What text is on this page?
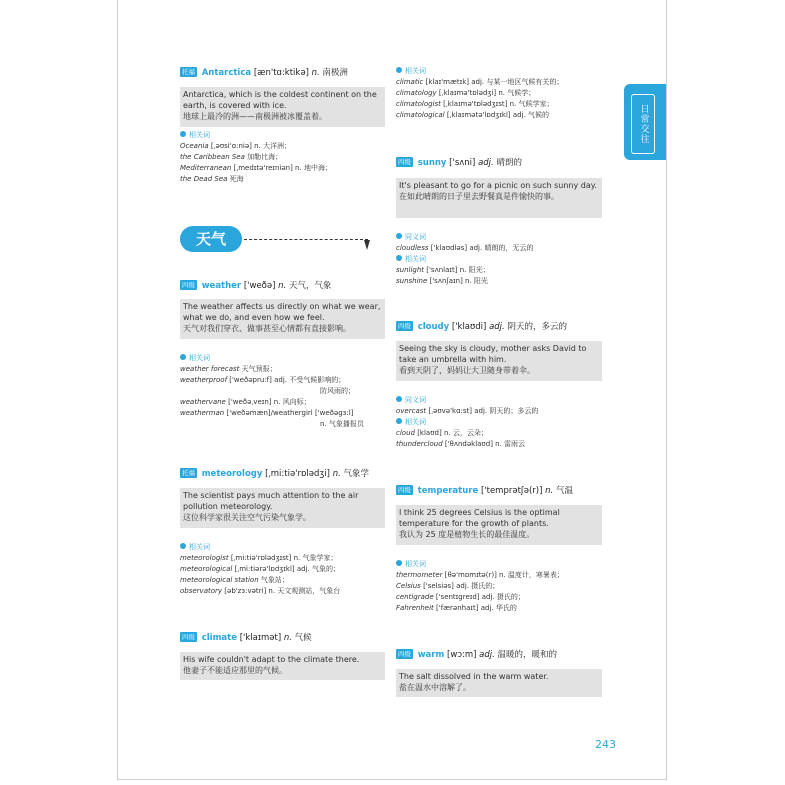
日常交往
托福 Antarctica [æn'tɑ:ktikə] n. 南极洲
Antarctica, which is the coldest continent on the earth, is covered with ice.
地球上最冷的洲——南极洲被冰覆盖着。
相关词
Oceania [ˌəʊsi'ɑ:niə] n. 大洋洲；
the Caribbean Sea 加勒比海；
Mediterranean [ˌmedɪtə'reɪniən] n. 地中海；
the Dead Sea 死海
天气
四级 weather ['weðə] n. 天气，气象
The weather affects us directly on what we wear, what we do, and even how we feel.
天气对我们穿衣、做事甚至心情都有直接影响。
相关词
weather forecast 天气预报；
weatherproof ['weðəpru:f] adj. 不受气候影响的；
防风雨的；
weathervane ['weðəˌveɪn] n. 风向标；
weatherman ['weðəmæn]/weathergirl ['weðəgɜ:l]
n. 气象播报员
托福 meteorology [ˌmi:tiə'rɒlədʒi] n. 气象学
The scientist pays much attention to the air pollution meteorology.
这位科学家很关注空气污染气象学。
相关词
meteorologist [ˌmi:tiə'rɒlədʒɪst] n. 气象学家；
meteorological [ˌmi:tiərə'lɒdʒɪkl] adj. 气象的；
meteorological station 气象站；
observatory [əb'zɜ:vətri] n. 天文观测站，气象台
四级 climate ['klaɪmət] n. 气候
His wife couldn't adapt to the climate there.
他妻子不能适应那里的气候。
相关词
climatic [klaɪ'mætɪk] adj. 与某一地区气候有关的；
climatology [ˌklaɪmə'tɒlədʒi] n. 气候学；
climatologist [ˌklaɪmə'tɒlədʒɪst] n. 气候学家；
climatological [ˌklaɪmətə'lɒdʒɪkl] adj. 气候的
四级 sunny ['sʌni] adj. 晴朗的
It's pleasant to go for a picnic on such sunny day.
在如此晴朗的日子里去野餐真是件愉快的事。
同义词
cloudless ['klaʊdləs] adj. 晴朗的，无云的
相关词
sunlight ['sʌnlaɪt] n. 阳光；
sunshine ['sʌnʃaɪn] n. 阳光
四级 cloudy ['klaʊdi] adj. 阴天的，多云的
Seeing the sky is cloudy, mother asks David to take an umbrella with him.
看到天阴了，妈妈让大卫随身带着伞。
同义词
overcast [ˌəʊvə'kɑ:st] adj. 阴天的；多云的
相关词
cloud [klaʊd] n. 云，云朵；
thundercloud ['θʌndəklaʊd] n. 雷雨云
四级 temperature ['temprətʃə(r)] n. 气温
I think 25 degrees Celsius is the optimal temperature for the growth of plants.
我认为 25 度是植物生长的最佳温度。
相关词
thermometer [θə'mɒmɪtə(r)] n. 温度计，寒暑表；
Celsius ['selsiəs] adj. 摄氏的；
centigrade ['sentɪgreɪd] adj. 摄氏的；
Fahrenheit ['færənhaɪt] adj. 华氏的
四级 warm [wɔ:m] adj. 温暖的，暖和的
The salt dissolved in the warm water.
盐在温水中溶解了。
243
